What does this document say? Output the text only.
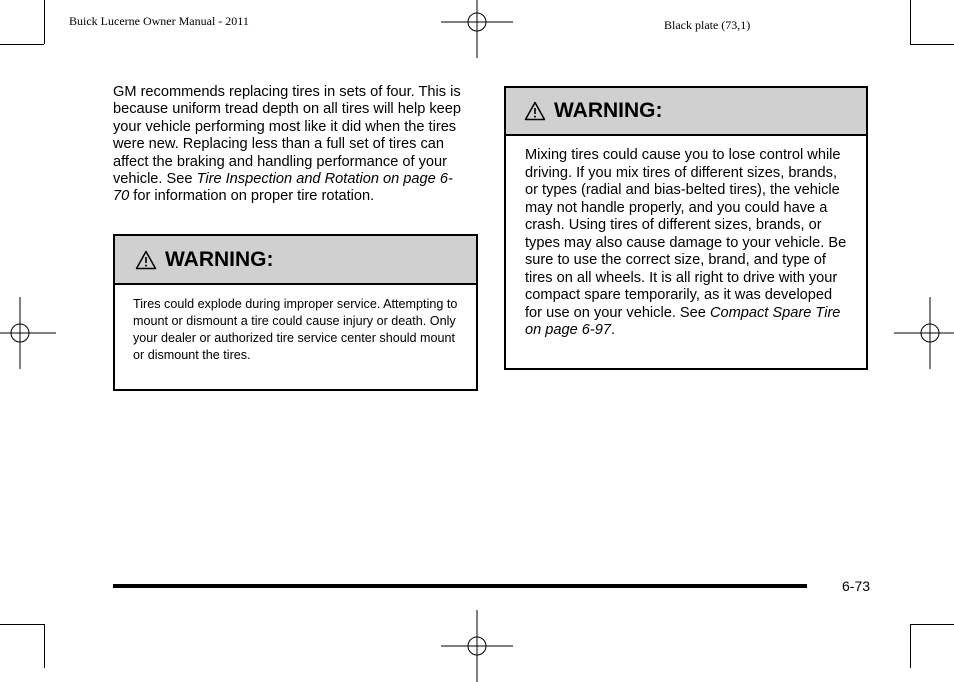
Buick Lucerne Owner Manual - 2011	Black plate (73,1)
GM recommends replacing tires in sets of four. This is because uniform tread depth on all tires will help keep your vehicle performing most like it did when the tires were new. Replacing less than a full set of tires can affect the braking and handling performance of your vehicle. See Tire Inspection and Rotation on page 6-70 for information on proper tire rotation.
WARNING:
Tires could explode during improper service. Attempting to mount or dismount a tire could cause injury or death. Only your dealer or authorized tire service center should mount or dismount the tires.
WARNING:
Mixing tires could cause you to lose control while driving. If you mix tires of different sizes, brands, or types (radial and bias-belted tires), the vehicle may not handle properly, and you could have a crash. Using tires of different sizes, brands, or types may also cause damage to your vehicle. Be sure to use the correct size, brand, and type of tires on all wheels. It is all right to drive with your compact spare temporarily, as it was developed for use on your vehicle. See Compact Spare Tire on page 6-97.
6-73
